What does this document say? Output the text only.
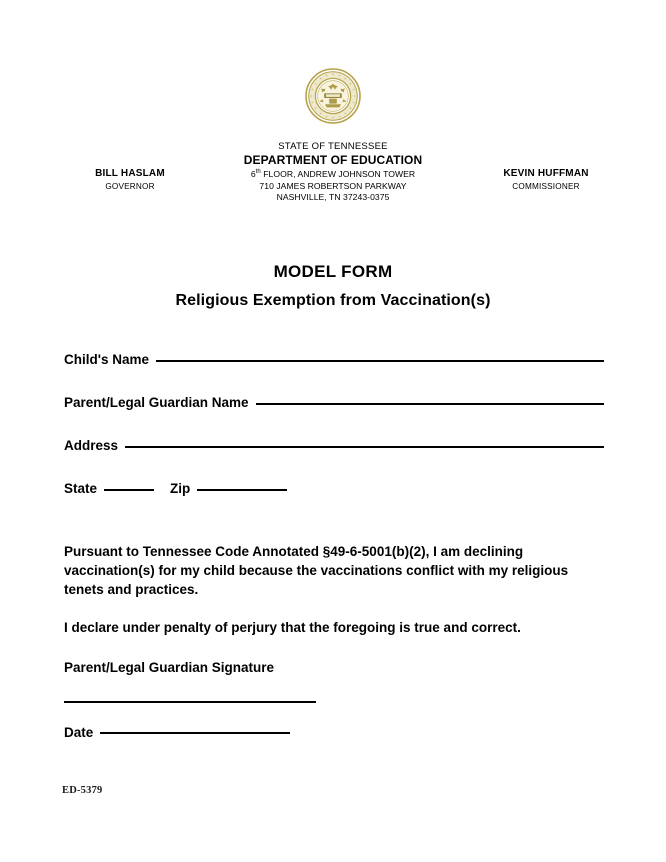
STATE OF TENNESSEE
DEPARTMENT OF EDUCATION
6th FLOOR, ANDREW JOHNSON TOWER
710 JAMES ROBERTSON PARKWAY
NASHVILLE, TN 37243-0375
BILL HASLAM
GOVERNOR
KEVIN HUFFMAN
COMMISSIONER
MODEL FORM
Religious Exemption from Vaccination(s)
Child's Name
Parent/Legal Guardian Name
Address
State	Zip
Pursuant to Tennessee Code Annotated §49-6-5001(b)(2), I am declining vaccination(s) for my child because the vaccinations conflict with my religious tenets and practices.
I declare under penalty of perjury that the foregoing is true and correct.
Parent/Legal Guardian Signature
Date
ED-5379
